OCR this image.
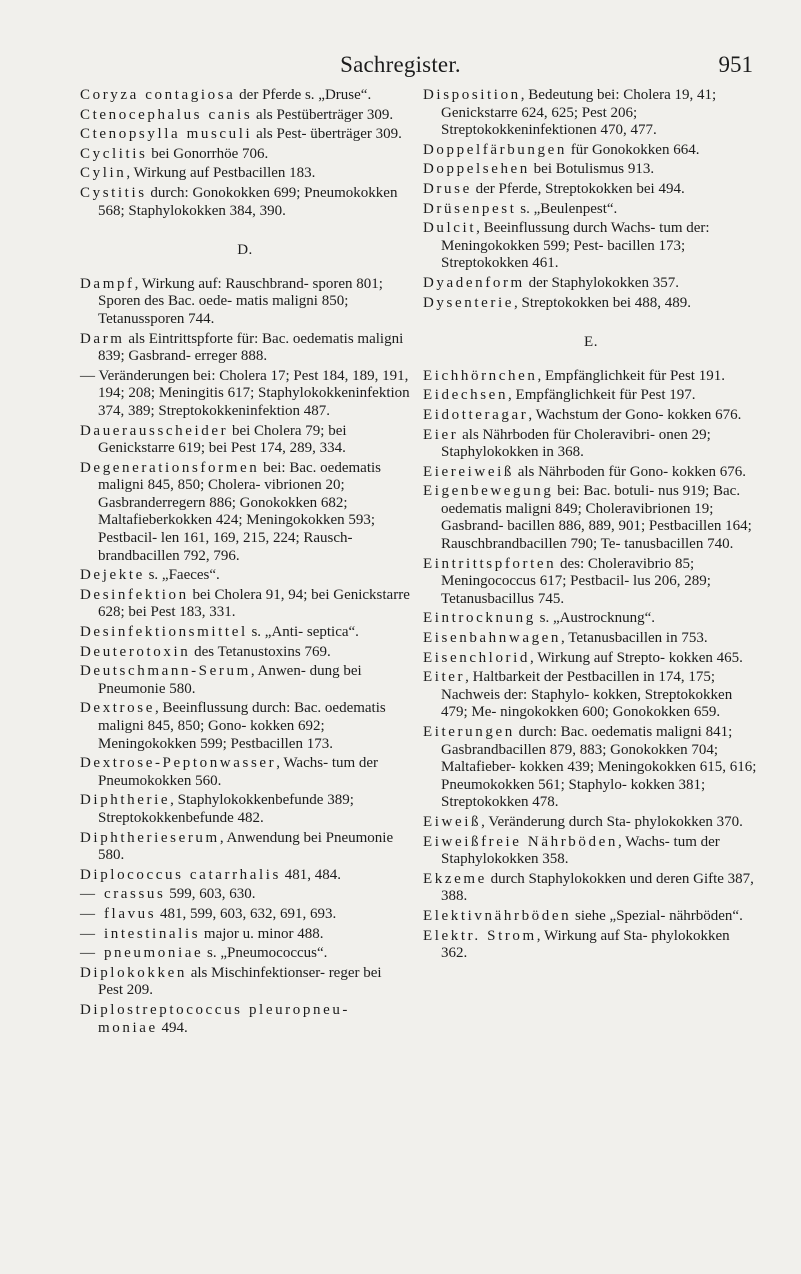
Sachregister.	951
Coryza contagiosa der Pferde s. „Druse“.
Ctenocephalus canis als Pestüberträger 309.
Ctenopsylla musculi als Pest- überträger 309.
Cyclitis bei Gonorrhöe 706.
Cylin, Wirkung auf Pestbacillen 183.
Cystitis durch: Gonokokken 699; Pneumokokken 568; Staphylokokken 384, 390.
D.
Dampf, Wirkung auf: Rauschbrand- sporen 801; Sporen des Bac. oede- matis maligni 850; Tetanussporen 744.
Darm als Eintrittspforte für: Bac. oedematis maligni 839; Gasbrand- erreger 888.
— Veränderungen bei: Cholera 17; Pest 184, 189, 191, 194; 208; Meningitis 617; Staphylokokkeninfektion 374, 389; Streptokokkeninfektion 487.
Dauerausscheider bei Cholera 79; bei Genickstarre 619; bei Pest 174, 289, 334.
Degenerationsformen bei: Bac. oedematis maligni 845, 850; Cholera- vibrionen 20; Gasbranderregern 886; Gonokokken 682; Maltafieberkokken 424; Meningokokken 593; Pestbacil- len 161, 169, 215, 224; Rausch- brandbacillen 792, 796.
Dejekte s. „Faeces“.
Desinfektion bei Cholera 91, 94; bei Genickstarre 628; bei Pest 183, 331.
Desinfektionsmittel s. „Anti- septica“.
Deuterotoxin des Tetanustoxins 769.
Deutschmann-Serum, Anwen- dung bei Pneumonie 580.
Dextrose, Beeinflussung durch: Bac. oedematis maligni 845, 850; Gono- kokken 692; Meningokokken 599; Pestbacillen 173.
Dextrose-Peptonwasser, Wachs- tum der Pneumokokken 560.
Diphtherie, Staphylokokkenbefunde 389; Streptokokkenbefunde 482.
Diphtherieserum, Anwendung bei Pneumonie 580.
Diplococcus catarrhalis 481, 484.
— crassus 599, 603, 630.
— flavus 481, 599, 603, 632, 691, 693.
— intestinalis major u. minor 488.
— pneumoniae s. „Pneumococcus“.
Diplokokken als Mischinfektionser- reger bei Pest 209.
Diplostreptococcus pleuropneu- moniae 494.
Disposition, Bedeutung bei: Cholera 19, 41; Genickstarre 624, 625; Pest 206; Streptokokkeninfektionen 470, 477.
Doppelfärbungen für Gonokokken 664.
Doppelsehen bei Botulismus 913.
Druse der Pferde, Streptokokken bei 494.
Drüsenpest s. „Beulenpest“.
Dulcit, Beeinflussung durch Wachs- tum der: Meningokokken 599; Pest- bacillen 173; Streptokokken 461.
Dyadenform der Staphylokokken 357.
Dysenterie, Streptokokken bei 488, 489.
E.
Eichhörnchen, Empfänglichkeit für Pest 191.
Eidechsen, Empfänglichkeit für Pest 197.
Eidotteragar, Wachstum der Gono- kokken 676.
Eier als Nährboden für Choleravibri- onen 29; Staphylokokken in 368.
Eiereiweiß als Nährboden für Gono- kokken 676.
Eigenbewegung bei: Bac. botuli- nus 919; Bac. oedematis maligni 849; Choleravibrionen 19; Gasbrand- bacillen 886, 889, 901; Pestbacillen 164; Rauschbrandbacillen 790; Te- tanusbacillen 740.
Eintrittspforten des: Choleravibrio 85; Meningococcus 617; Pestbacil- lus 206, 289; Tetanusbacillus 745.
Eintrocknung s. „Austrocknung“.
Eisenbahnwagen, Tetanusbacillen in 753.
Eisenchlorid, Wirkung auf Strepto- kokken 465.
Eiter, Haltbarkeit der Pestbacillen in 174, 175; Nachweis der: Staphylo- kokken, Streptokokken 479; Me- ningokokken 600; Gonokokken 659.
Eiterungen durch: Bac. oedematis maligni 841; Gasbrandbacillen 879, 883; Gonokokken 704; Maltafieber- kokken 439; Meningokokken 615, 616; Pneumokokken 561; Staphylo- kokken 381; Streptokokken 478.
Eiweiß, Veränderung durch Sta- phylokokken 370.
Eiweißfreie Nährböden, Wachs- tum der Staphylokokken 358.
Ekzeme durch Staphylokokken und deren Gifte 387, 388.
Elektivnährböden siehe „Spezial- nährböden“.
Elektr. Strom, Wirkung auf Sta- phylokokken 362.
